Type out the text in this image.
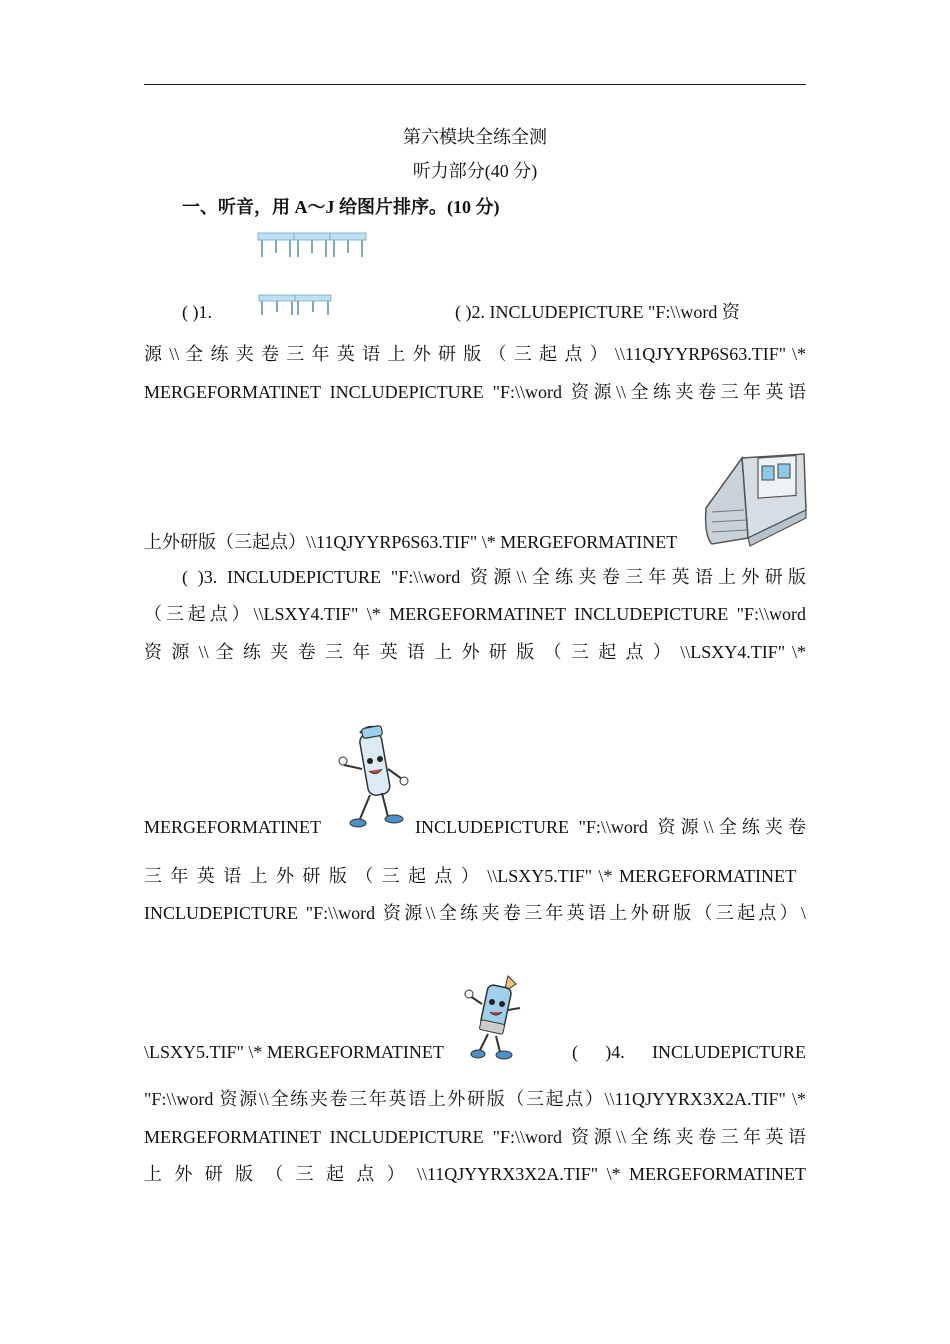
第六模块全练全测
听力部分(40 分)
一、听音，用 A～J 给图片排序。(10 分)
( )1.	( )2. INCLUDEPICTURE "F:\\word 资
源 \\ 全 练 夹 卷 三 年 英 语 上 外 研 版 （ 三 起 点 ） \\11QJYYRP6S63.TIF" \*
MERGEFORMATINET INCLUDEPICTURE "F:\\word 资源\\全练夹卷三年英语
上外研版（三起点）\\11QJYYRP6S63.TIF" \* MERGEFORMATINET
( )3. INCLUDEPICTURE "F:\\word 资源\\全练夹卷三年英语上外研版
（三起点）\\LSXY4.TIF" \* MERGEFORMATINET INCLUDEPICTURE "F:\\word
资 源 \\ 全 练 夹 卷 三 年 英 语 上 外 研 版 （ 三 起 点 ） \\LSXY4.TIF" \*
MERGEFORMATINET	INCLUDEPICTURE "F:\\word 资源\\全练夹卷
三 年 英 语 上 外 研 版 （ 三 起 点 ） \\LSXY5.TIF" \* MERGEFORMATINET
INCLUDEPICTURE "F:\\word 资源\\全练夹卷三年英语上外研版（三起点）\
\LSXY5.TIF" \* MERGEFORMATINET	( )4. INCLUDEPICTURE
"F:\\word 资源\\全练夹卷三年英语上外研版（三起点）\\11QJYYRX3X2A.TIF" \*
MERGEFORMATINET INCLUDEPICTURE "F:\\word 资源\\全练夹卷三年英语
上 外 研 版 （ 三 起 点 ） \\11QJYYRX3X2A.TIF" \* MERGEFORMATINET
